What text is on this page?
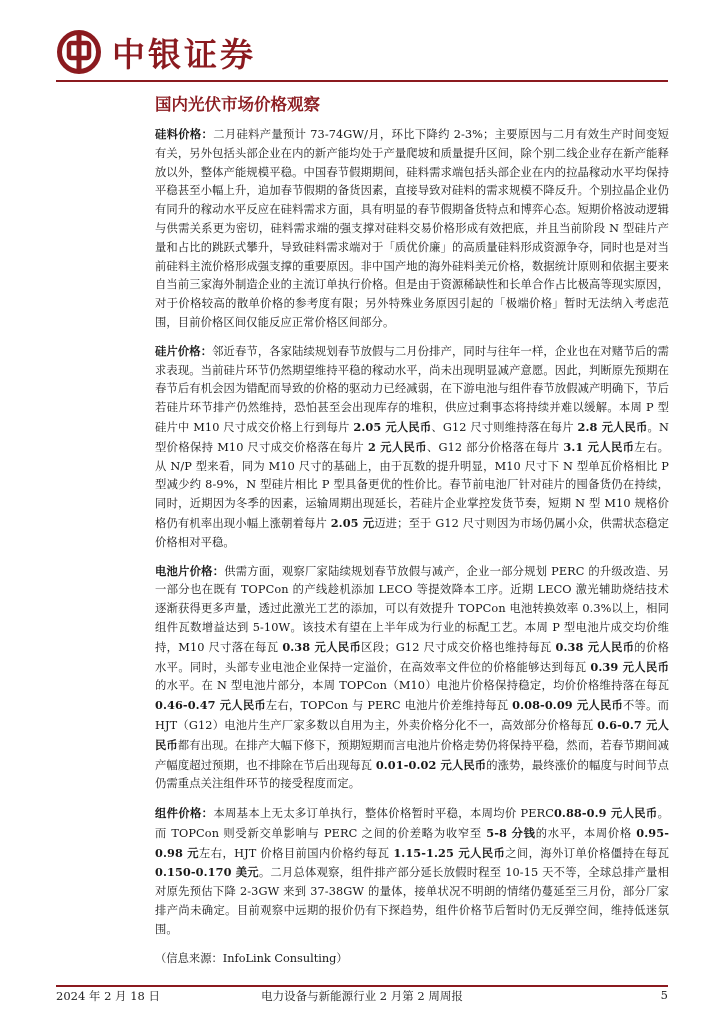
中银证券
国内光伏市场价格观察

硅料价格：二月硅料产量预计 73-74GW/月，环比下降约 2-3%；主要原因与二月有效生产时间变短有关，另外包括头部企业在内的新产能均处于产量爬坡和质量提升区间，除个别二线企业存在新产能释放以外，整体产能规模平稳。中国春节假期期间，硅料需求端包括头部企业在内的拉晶稼动水平均保持平稳甚至小幅上升，追加春节假期的备货因素，直接导致对硅料的需求规模不降反升。个别拉晶企业仍有同升的稼动水平反应在硅料需求方面，具有明显的春节假期备货特点和博弈心态。短期价格波动逻辑与供需关系更为密切，硅料需求端的强支撑对硅料交易价格形成有效把底，并且当前阶段 N 型硅片产量和占比的跳跃式攀升，导致硅料需求端对于「质优价廉」的高质量硅料形成资源争夺，同时也是对当前硅料主流价格形成强支撑的重要原因。非中国产地的海外硅料美元价格，数据统计原则和依据主要来自当前三家海外制造企业的主流订单执行价格。但是由于资源稀缺性和长单合作占比极高等现实原因，对于价格较高的散单价格的参考度有限；另外特殊业务原因引起的「极端价格」暂时无法纳入考虑范围，目前价格区间仅能反应正常价格区间部分。

硅片价格：邻近春节，各家陆续规划春节放假与二月份排产，同时与往年一样，企业也在对赌节后的需求表现。当前硅片环节仍然期望维持平稳的稼动水平，尚未出现明显减产意愿。因此，判断原先预期在春节后有机会因为错配而导致的价格的驱动力已经减弱，在下游电池与组件春节放假减产明确下，节后若硅片环节排产仍然维持，恐怕甚至会出现库存的堆积，供应过剩事态将持续并难以缓解。本周 P 型硅片中 M10 尺寸成交价格上行到每片 2.05 元人民币、G12 尺寸则维持落在每片 2.8 元人民币。N 型价格保持 M10 尺寸成交价格落在每片 2 元人民币、G12 部分价格落在每片 3.1 元人民币左右。从 N/P 型来看，同为 M10 尺寸的基础上，由于瓦数的提升明显，M10 尺寸下 N 型单瓦价格相比 P 型减少约 8-9%，N 型硅片相比 P 型具备更优的性价比。春节前电池厂针对硅片的囤备货仍在持续，同时，近期因为冬季的因素，运输周期出现延长，若硅片企业掌控发货节奏，短期 N 型 M10 规格价格仍有机率出现小幅上涨朝着每片 2.05 元迈进；至于 G12 尺寸则因为市场仍属小众，供需状态稳定价格相对平稳。

电池片价格：供需方面，观察厂家陆续规划春节放假与减产，企业一部分规划 PERC 的升级改造、另一部分也在既有 TOPCon 的产线趁机添加 LECO 等提效降本工序。近期 LECO 激光辅助烧结技术逐渐获得更多声量，透过此激光工艺的添加，可以有效提升 TOPCon 电池转换效率 0.3%以上，相同组件瓦数增益达到 5-10W。该技术有望在上半年成为行业的标配工艺。本周 P 型电池片成交均价维持，M10 尺寸落在每瓦 0.38 元人民币区段；G12 尺寸成交价格也维持每瓦 0.38 元人民币的价格水平。同时，头部专业电池企业保持一定溢价，在高效率文件位的价格能够达到每瓦 0.39 元人民币的水平。在 N 型电池片部分，本周 TOPCon（M10）电池片价格保持稳定，均价价格维持落在每瓦 0.46-0.47 元人民币左右，TOPCon 与 PERC 电池片价差维持每瓦 0.08-0.09 元人民币不等。而 HJT（G12）电池片生产厂家多数以自用为主，外卖价格分化不一，高效部分价格每瓦 0.6-0.7 元人民币都有出现。在排产大幅下修下，预期短期而言电池片价格走势仍将保持平稳，然而，若春节期间减产幅度超过预期，也不排除在节后出现每瓦 0.01-0.02 元人民币的涨势，最终涨价的幅度与时间节点仍需重点关注组件环节的接受程度而定。

组件价格：本周基本上无太多订单执行，整体价格暂时平稳，本周均价 PERC0.88-0.9 元人民币。而 TOPCon 则受新交单影响与 PERC 之间的价差略为收窄至 5-8 分钱的水平，本周价格 0.95-0.98 元左右，HJT 价格目前国内价格约每瓦 1.15-1.25 元人民币之间，海外订单价格僵持在每瓦 0.150-0.170 美元。二月总体观察，组件排产部分延长放假时程至 10-15 天不等，全球总排产量相对原先预估下降 2-3GW 来到 37-38GW 的量体，接单状况不明朗的情绪仍蔓延至三月份，部分厂家排产尚未确定。目前观察中远期的报价仍有下探趋势，组件价格节后暂时仍无反弹空间，维持低迷氛围。

（信息来源：InfoLink Consulting）

2024 年 2 月 18 日	电力设备与新能源行业 2 月第 2 周周报	5
